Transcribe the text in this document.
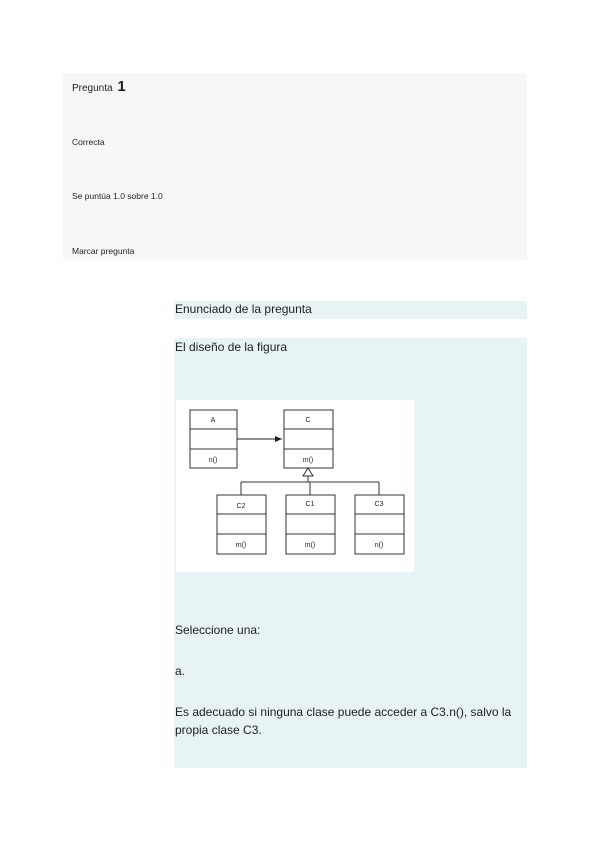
Pregunta 1
Correcta
Se puntúa 1.0 sobre 1.0
Marcar pregunta
Enunciado de la pregunta
El diseño de la figura
A
n()
C
m()
C2
m()
C1
m()
C3
n()
Seleccione una:
a.
Es adecuado si ninguna clase puede acceder a C3.n(), salvo la propia clase C3.
